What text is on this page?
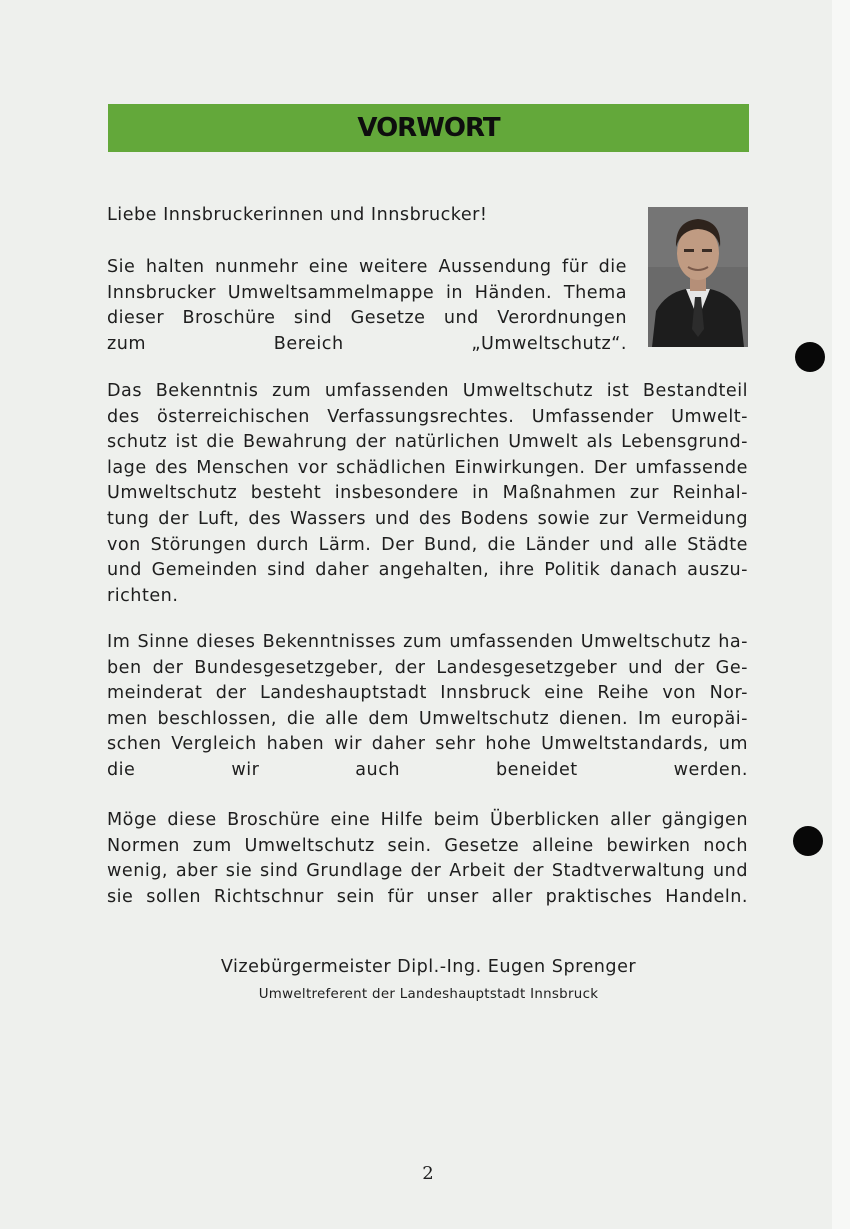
VORWORT

Liebe Innsbruckerinnen und Innsbrucker!

Sie halten nunmehr eine weitere Aussendung für die
Innsbrucker Umweltsammelmappe in Händen. Thema
dieser Broschüre sind Gesetze und Verordnungen
zum Bereich „Umweltschutz“.

Das Bekenntnis zum umfassenden Umweltschutz ist Bestandteil
des österreichischen Verfassungsrechtes. Umfassender Umwelt-
schutz ist die Bewahrung der natürlichen Umwelt als Lebensgrund-
lage des Menschen vor schädlichen Einwirkungen. Der umfassende
Umweltschutz besteht insbesondere in Maßnahmen zur Reinhal-
tung der Luft, des Wassers und des Bodens sowie zur Vermeidung
von Störungen durch Lärm. Der Bund, die Länder und alle Städte
und Gemeinden sind daher angehalten, ihre Politik danach auszu-
richten.

Im Sinne dieses Bekenntnisses zum umfassenden Umweltschutz ha-
ben der Bundesgesetzgeber, der Landesgesetzgeber und der Ge-
meinderat der Landeshauptstadt Innsbruck eine Reihe von Nor-
men beschlossen, die alle dem Umweltschutz dienen. Im europäi-
schen Vergleich haben wir daher sehr hohe Umweltstandards, um
die wir auch beneidet werden.

Möge diese Broschüre eine Hilfe beim Überblicken aller gängigen
Normen zum Umweltschutz sein. Gesetze alleine bewirken noch
wenig, aber sie sind Grundlage der Arbeit der Stadtverwaltung und
sie sollen Richtschnur sein für unser aller praktisches Handeln.

Vizebürgermeister Dipl.-Ing. Eugen Sprenger
Umweltreferent der Landeshauptstadt Innsbruck
2
